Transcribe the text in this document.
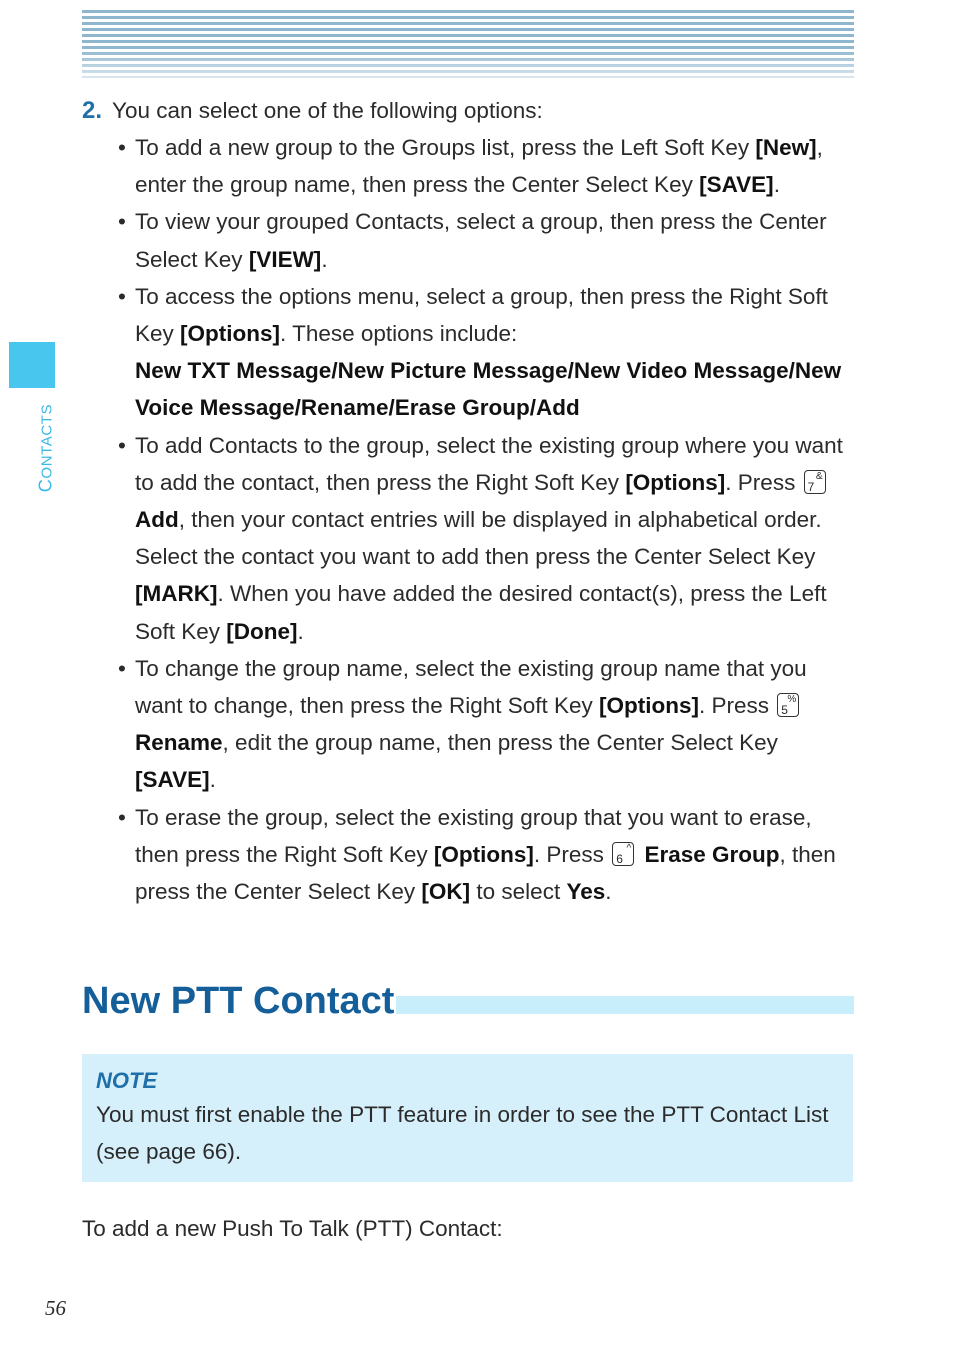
CONTACTS

2. You can select one of the following options:

• To add a new group to the Groups list, press the Left Soft Key [New], enter the group name, then press the Center Select Key [SAVE].
• To view your grouped Contacts, select a group, then press the Center Select Key [VIEW].
• To access the options menu, select a group, then press the Right Soft Key [Options]. These options include:
New TXT Message/New Picture Message/New Video Message/New Voice Message/Rename/Erase Group/Add
• To add Contacts to the group, select the existing group where you want to add the contact, then press the Right Soft Key [Options]. Press 7
&
Add, then your contact entries will be displayed in alphabetical order. Select the contact you want to add then press the Center Select Key [MARK]. When you have added the desired contact(s), press the Left Soft Key [Done].
• To change the group name, select the existing group name that you want to change, then press the Right Soft Key [Options]. Press 5
%
Rename, edit the group name, then press the Center Select Key [SAVE].
• To erase the group, select the existing group that you want to erase, then press the Right Soft Key [Options]. Press 6
^ Erase Group, then press the Center Select Key [OK] to select Yes.
New PTT Contact
NOTE
You must first enable the PTT feature in order to see the PTT Contact List (see page 66).
To add a new Push To Talk (PTT) Contact:
56
